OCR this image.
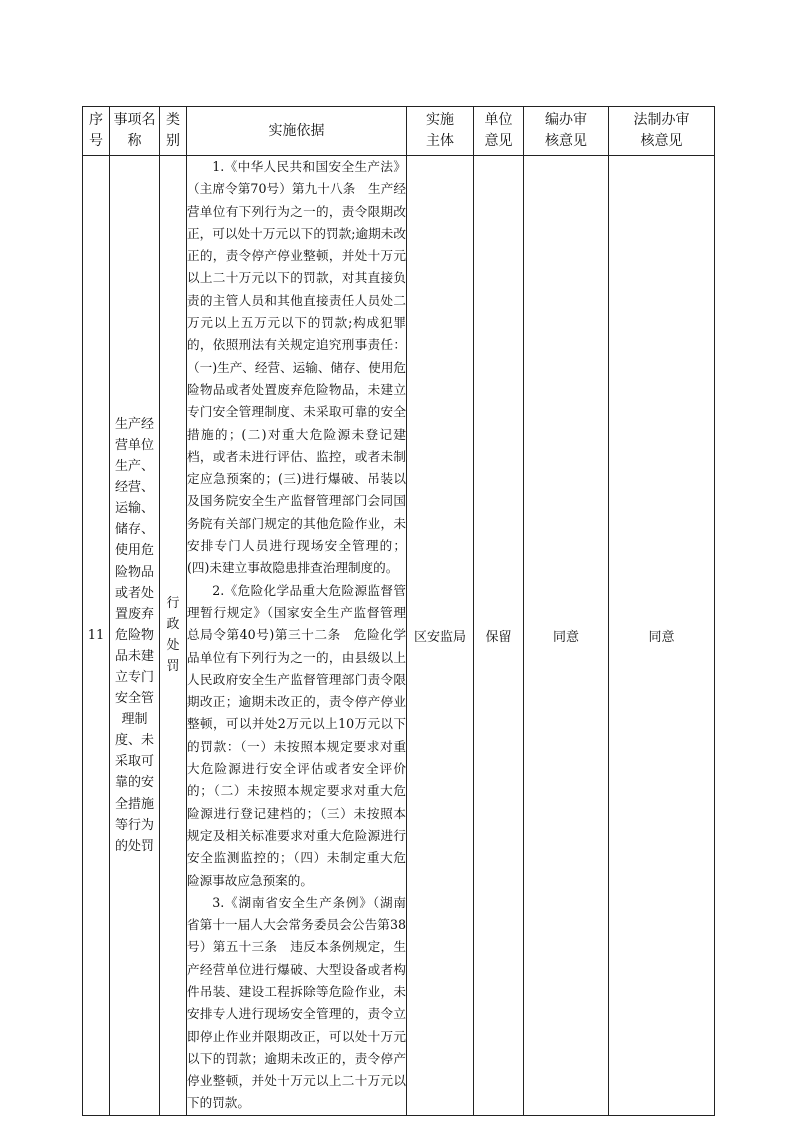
序号	事项名称	类别	实施依据	实施主体	单位意见	编办审核意见	法制办审核意见
11	生产经营单位生产、经营、运输、储存、使用危险物品或者处置废弃危险物品未建立专门安全管理制度、未采取可靠的安全措施等行为的处罚	行政处罚	1.《中华人民共和国安全生产法》（主席令第70号）第九十八条　生产经营单位有下列行为之一的，责令限期改正，可以处十万元以下的罚款;逾期未改正的，责令停产停业整顿，并处十万元以上二十万元以下的罚款，对其直接负责的主管人员和其他直接责任人员处二万元以上五万元以下的罚款;构成犯罪的，依照刑法有关规定追究刑事责任：（一)生产、经营、运输、储存、使用危险物品或者处置废弃危险物品，未建立专门安全管理制度、未采取可靠的安全措施的；(二)对重大危险源未登记建档，或者未进行评估、监控，或者未制定应急预案的；(三)进行爆破、吊装以及国务院安全生产监督管理部门会同国务院有关部门规定的其他危险作业，未安排专门人员进行现场安全管理的；(四)未建立事故隐患排查治理制度的。

2.《危险化学品重大危险源监督管理暂行规定》（国家安全生产监督管理总局令第40号)第三十二条　危险化学品单位有下列行为之一的，由县级以上人民政府安全生产监督管理部门责令限期改正；逾期未改正的，责令停产停业整顿，可以并处2万元以上10万元以下的罚款：（一）未按照本规定要求对重大危险源进行安全评估或者安全评价的；（二）未按照本规定要求对重大危险源进行登记建档的；（三）未按照本规定及相关标准要求对重大危险源进行安全监测监控的；（四）未制定重大危险源事故应急预案的。

3.《湖南省安全生产条例》（湖南省第十一届人大会常务委员会公告第38号）第五十三条　违反本条例规定，生产经营单位进行爆破、大型设备或者构件吊装、建设工程拆除等危险作业，未安排专人进行现场安全管理的，责令立即停止作业并限期改正，可以处十万元以下的罚款；逾期未改正的，责令停产停业整顿，并处十万元以上二十万元以下的罚款。	区安监局	保留	同意	同意
